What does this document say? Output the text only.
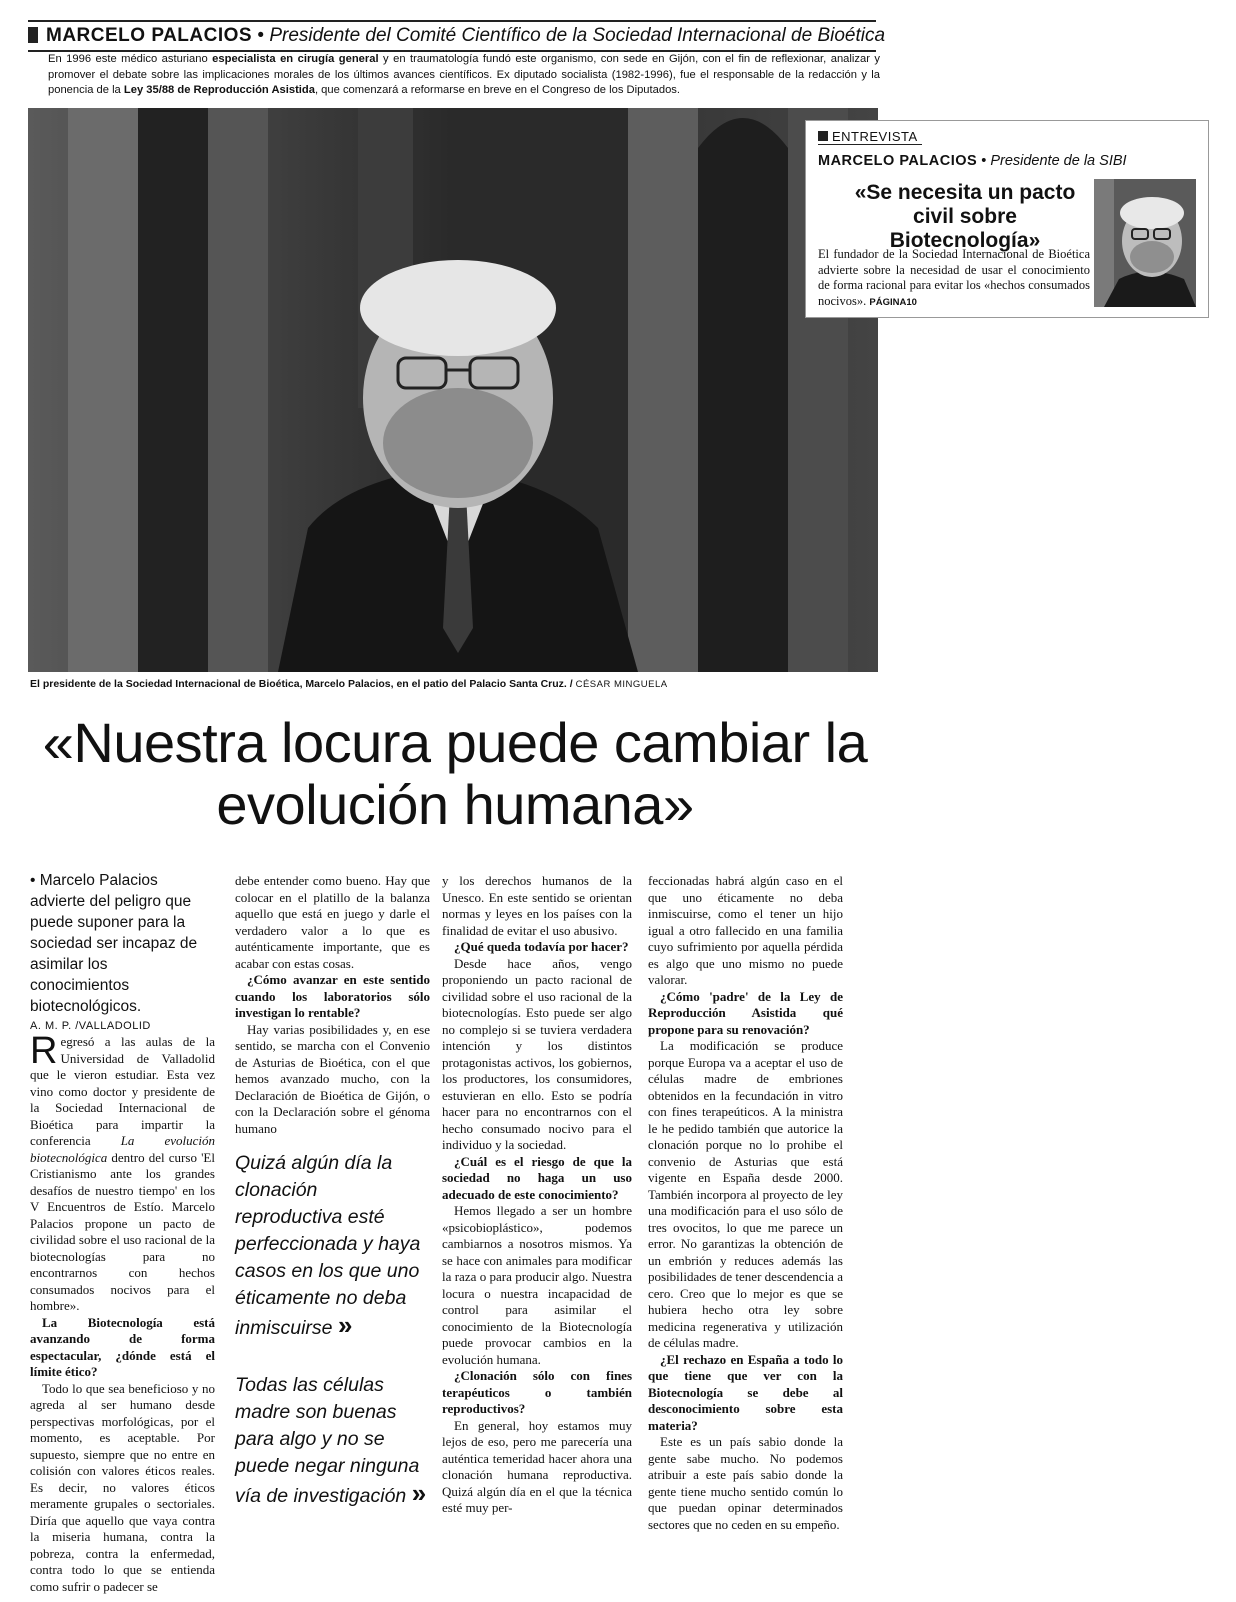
MARCELO PALACIOS • Presidente del Comité Científico de la Sociedad Internacional de Bioética
En 1996 este médico asturiano especialista en cirugía general y en traumatología fundó este organismo, con sede en Gijón, con el fin de reflexionar, analizar y promover el debate sobre las implicaciones morales de los últimos avances científicos. Ex diputado socialista (1982-1996), fue el responsable de la redacción y la ponencia de la Ley 35/88 de Reproducción Asistida, que comenzará a reformarse en breve en el Congreso de los Diputados.
El presidente de la Sociedad Internacional de Bioética, Marcelo Palacios, en el patio del Palacio Santa Cruz. / CÉSAR MINGUELA
ENTREVISTA
MARCELO PALACIOS • Presidente de la SIBI
«Se necesita un pacto civil sobre Biotecnología»
El fundador de la Sociedad Internacional de Bioética advierte sobre la necesidad de usar el conocimiento de forma racional para evitar los «hechos consumados nocivos». PÁGINA10
«Nuestra locura puede cambiar la evolución humana»
• Marcelo Palacios advierte del peligro que puede suponer para la sociedad ser incapaz de asimilar los conocimientos biotecnológicos.
A. M. P. /VALLADOLID

Regresó a las aulas de la Universidad de Valladolid que le vieron estudiar. Esta vez vino como doctor y presidente de la Sociedad Internacional de Bioética para impartir la conferencia La evolución biotecnológica dentro del curso 'El Cristianismo ante los grandes desafíos de nuestro tiempo' en los V Encuentros de Estío. Marcelo Palacios propone un pacto de civilidad sobre el uso racional de la biotecnologías para no encontrarnos con hechos consumados nocivos para el hombre».

La Biotecnología está avanzando de forma espectacular, ¿dónde está el límite ético?

Todo lo que sea beneficioso y no agreda al ser humano desde perspectivas morfológicas, por el momento, es aceptable. Por supuesto, siempre que no entre en colisión con valores éticos reales. Es decir, no valores éticos meramente grupales o sectoriales. Diría que aquello que vaya contra la miseria humana, contra la pobreza, contra la enfermedad, contra todo lo que se entienda como sufrir o padecer se

debe entender como bueno. Hay que colocar en el platillo de la balanza aquello que está en juego y darle el verdadero valor a lo que es auténticamente importante, que es acabar con estas cosas.

¿Cómo avanzar en este sentido cuando los laboratorios sólo investigan lo rentable?

Hay varias posibilidades y, en ese sentido, se marcha con el Convenio de Asturias de Bioética, con el que hemos avanzado mucho, con la Declaración de Bioética de Gijón, o con la Declaración sobre el génoma humano

Quizá algún día la clonación reproductiva esté perfeccionada y haya casos en los que uno éticamente no deba inmiscuirse »
Todas las células madre son buenas para algo y no se puede negar ninguna vía de investigación »

y los derechos humanos de la Unesco. En este sentido se orientan normas y leyes en los países con la finalidad de evitar el uso abusivo.

¿Qué queda todavía por hacer?

Desde hace años, vengo proponiendo un pacto racional de civilidad sobre el uso racional de la biotecnologías. Esto puede ser algo no complejo si se tuviera verdadera intención y los distintos protagonistas activos, los gobiernos, los productores, los consumidores, estuvieran en ello. Esto se podría hacer para no encontrarnos con el hecho consumado nocivo para el individuo y la sociedad.

¿Cuál es el riesgo de que la sociedad no haga un uso adecuado de este conocimiento?

Hemos llegado a ser un hombre «psicobioplástico», podemos cambiarnos a nosotros mismos. Ya se hace con animales para modificar la raza o para producir algo. Nuestra locura o nuestra incapacidad de control para asimilar el conocimiento de la Biotecnología puede provocar cambios en la evolución humana.

¿Clonación sólo con fines terapéuticos o también reproductivos?

En general, hoy estamos muy lejos de eso, pero me parecería una auténtica temeridad hacer ahora una clonación humana reproductiva. Quizá algún día en el que la técnica esté muy per-

feccionadas habrá algún caso en el que uno éticamente no deba inmiscuirse, como el tener un hijo igual a otro fallecido en una familia cuyo sufrimiento por aquella pérdida es algo que uno mismo no puede valorar.

¿Cómo 'padre' de la Ley de Reproducción Asistida qué propone para su renovación?

La modificación se produce porque Europa va a aceptar el uso de células madre de embriones obtenidos en la fecundación in vitro con fines terapeúticos. A la ministra le he pedido también que autorice la clonación porque no lo prohibe el convenio de Asturias que está vigente en España desde 2000. También incorpora al proyecto de ley una modificación para el uso sólo de tres ovocitos, lo que me parece un error. No garantizas la obtención de un embrión y reduces además las posibilidades de tener descendencia a cero. Creo que lo mejor es que se hubiera hecho otra ley sobre medicina regenerativa y utilización de células madre.

¿El rechazo en España a todo lo que tiene que ver con la Biotecnología se debe al desconocimiento sobre esta materia?

Este es un país sabio donde la gente sabe mucho. No podemos atribuir a este país sabio donde la gente tiene mucho sentido común lo que puedan opinar determinados sectores que no ceden en su empeño.
